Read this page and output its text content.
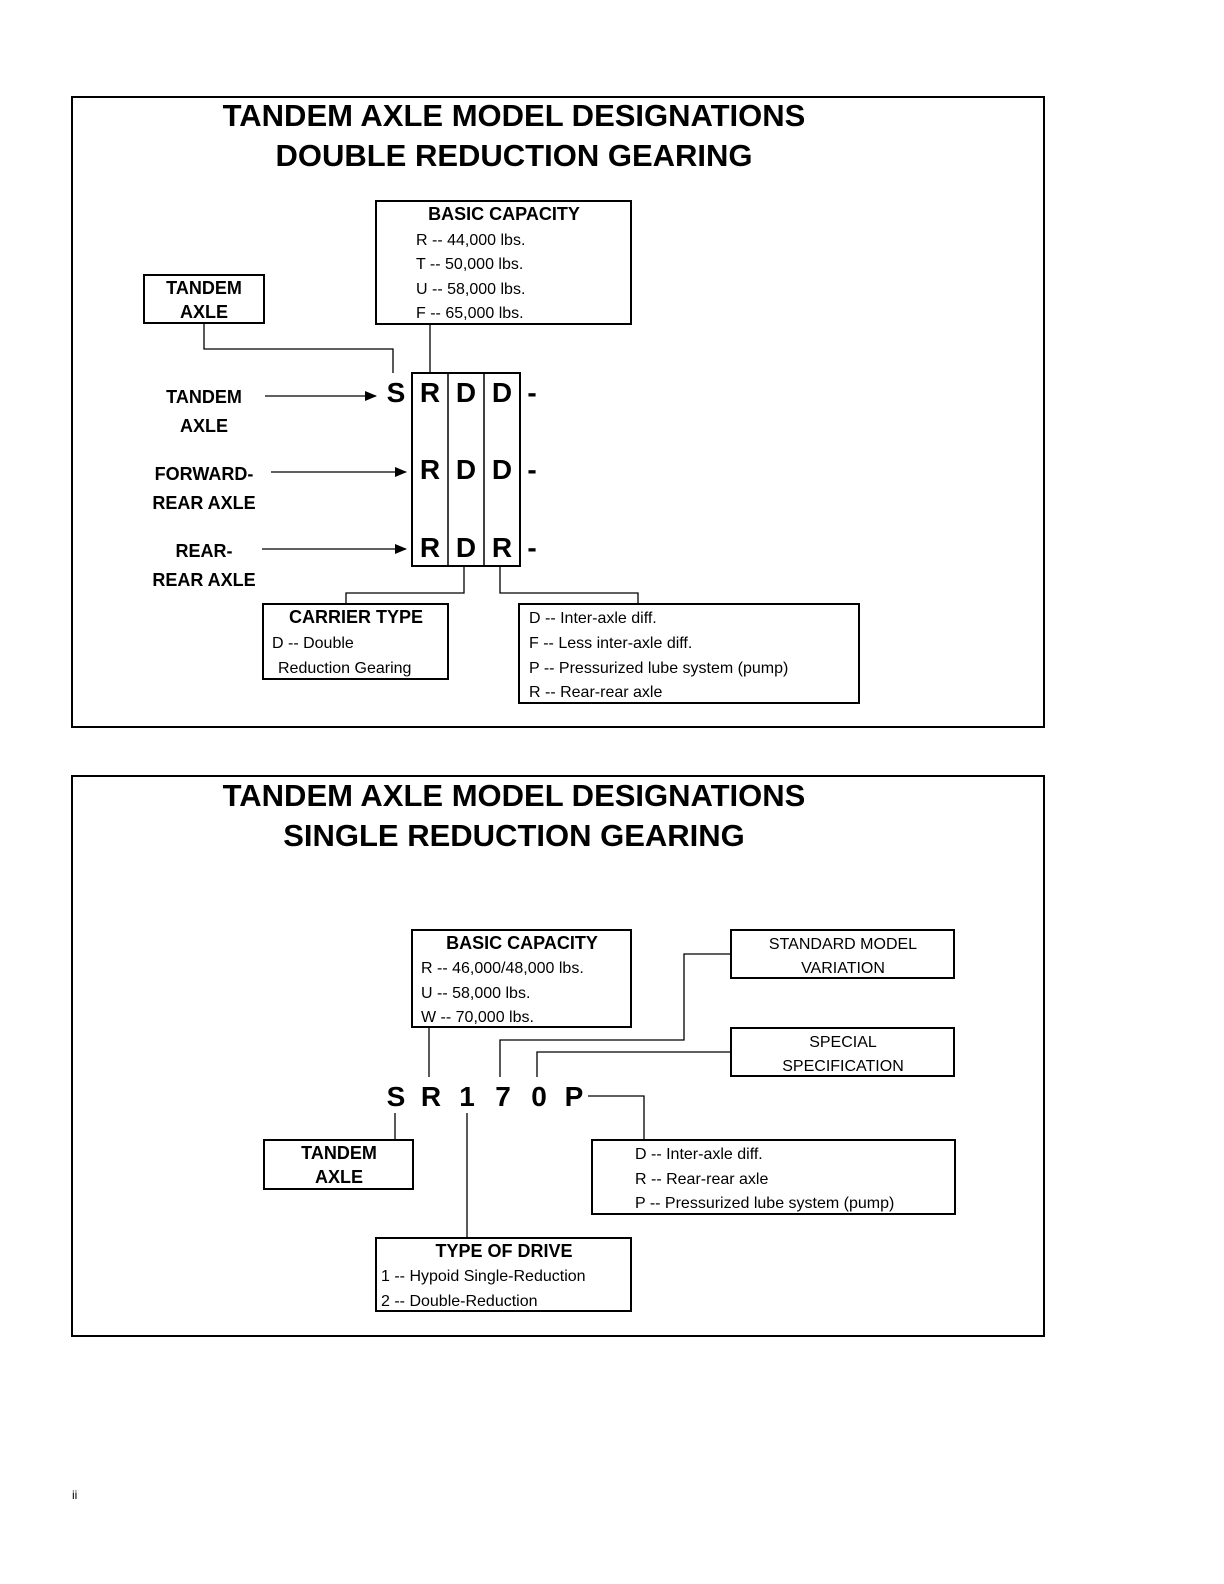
TANDEM AXLE MODEL DESIGNATIONS
DOUBLE REDUCTION GEARING
BASIC CAPACITY
R -- 44,000 lbs.
T -- 50,000 lbs.
U -- 58,000 lbs.
F -- 65,000 lbs.
TANDEM
AXLE
S R D D -
R D D -
R D R -
TANDEM
AXLE
FORWARD-
REAR AXLE
REAR-
REAR AXLE
CARRIER TYPE
D -- Double
Reduction Gearing
D -- Inter-axle diff.
F -- Less inter-axle diff.
P -- Pressurized lube system (pump)
R -- Rear-rear axle
TANDEM AXLE MODEL DESIGNATIONS
SINGLE REDUCTION GEARING
BASIC CAPACITY
R -- 46,000/48,000 lbs.
U -- 58,000 lbs.
W -- 70,000 lbs.
STANDARD MODEL
VARIATION
SPECIAL
SPECIFICATION
S R 1 7 0 P
TANDEM
AXLE
D -- Inter-axle diff.
R -- Rear-rear axle
P -- Pressurized lube system (pump)
TYPE OF DRIVE
1 -- Hypoid Single-Reduction
2 -- Double-Reduction
ii
